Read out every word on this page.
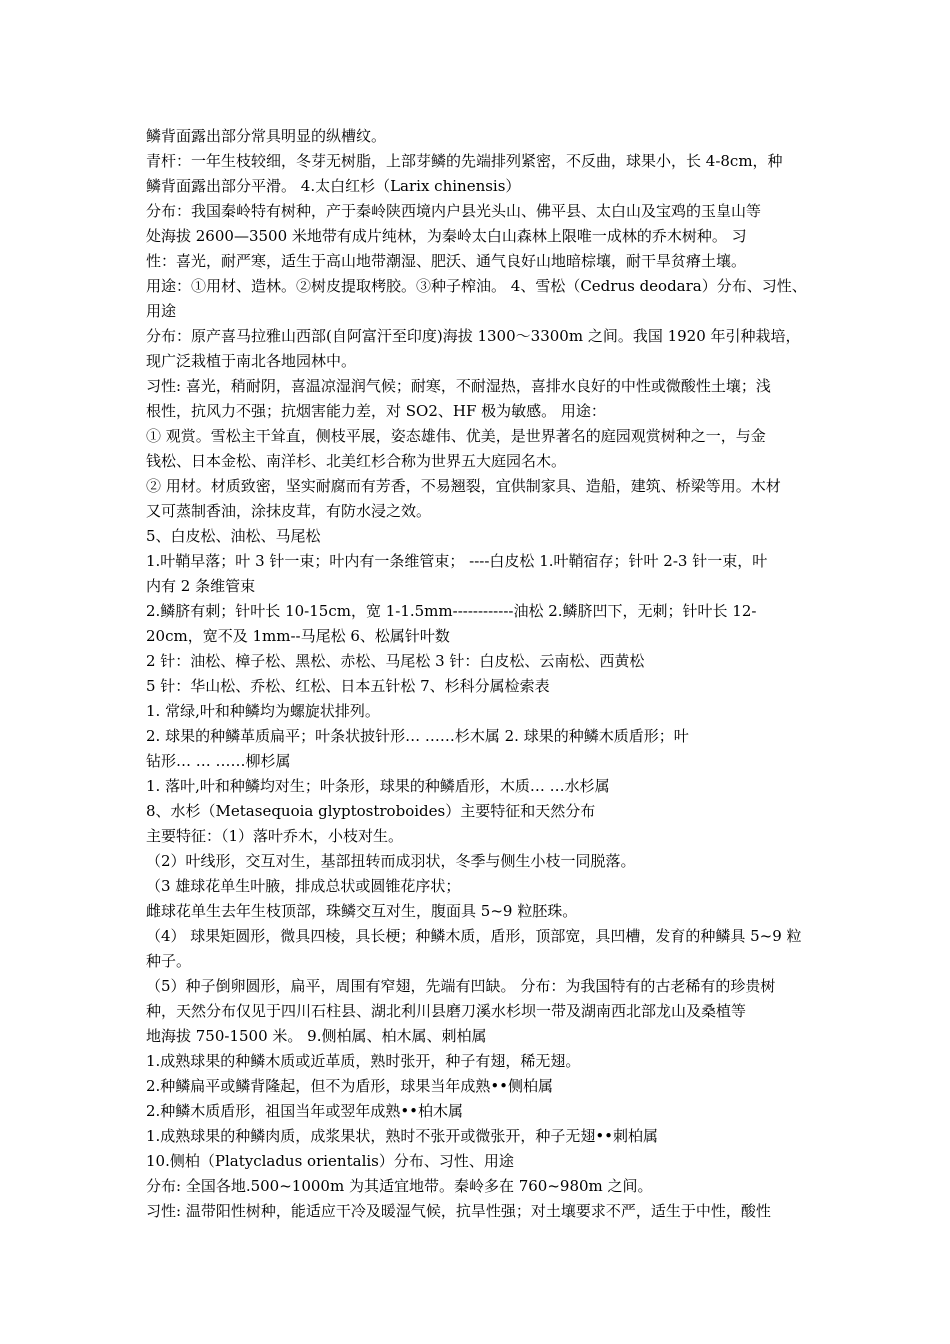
鳞背面露出部分常具明显的纵槽纹。
青杆：一年生枝较细，冬芽无树脂，上部芽鳞的先端排列紧密，不反曲，球果小，长 4-8cm，种
鳞背面露出部分平滑。 4.太白红杉（Larix chinensis）
分布：我国秦岭特有树种，产于秦岭陕西境内户县光头山、佛平县、太白山及宝鸡的玉皇山等
处海拔 2600—3500 米地带有成片纯林，为秦岭太白山森林上限唯一成林的乔木树种。 习
性：喜光，耐严寒，适生于高山地带潮湿、肥沃、通气良好山地暗棕壤，耐干旱贫瘠土壤。
用途：①用材、造林。②树皮提取栲胶。③种子榨油。 4、雪松（Cedrus deodara）分布、习性、
用途
分布：原产喜马拉雅山西部(自阿富汗至印度)海拔 1300～3300m 之间。我国 1920 年引种栽培，
现广泛栽植于南北各地园林中。
习性: 喜光，稍耐阴，喜温凉湿润气候；耐寒，不耐湿热，喜排水良好的中性或微酸性土壤；浅
根性，抗风力不强；抗烟害能力差，对 SO2、HF 极为敏感。 用途：
① 观赏。雪松主干耸直，侧枝平展，姿态雄伟、优美，是世界著名的庭园观赏树种之一，与金
钱松、日本金松、南洋杉、北美红杉合称为世界五大庭园名木。
② 用材。材质致密，坚实耐腐而有芳香，不易翘裂，宜供制家具、造船，建筑、桥梁等用。木材
又可蒸制香油，涂抹皮茸，有防水浸之效。
5、白皮松、油松、马尾松
1.叶鞘早落；叶 3 针一束；叶内有一条维管束； ----白皮松 1.叶鞘宿存；针叶 2-3 针一束，叶
内有 2 条维管束
2.鳞脐有刺；针叶长 10-15cm，宽 1-1.5mm------------油松 2.鳞脐凹下，无刺；针叶长 12-
20cm，宽不及 1mm--马尾松 6、松属针叶数
2 针：油松、樟子松、黑松、赤松、马尾松 3 针：白皮松、云南松、西黄松
5 针：华山松、乔松、红松、日本五针松 7、杉科分属检索表
1. 常绿,叶和种鳞均为螺旋状排列。
2. 球果的种鳞革质扁平；叶条状披针形… ……杉木属 2. 球果的种鳞木质盾形；叶
钻形… … ……柳杉属
1. 落叶,叶和种鳞均对生；叶条形，球果的种鳞盾形，木质… …水杉属
8、水杉（Metasequoia glyptostroboides）主要特征和天然分布
主要特征：（1）落叶乔木，小枝对生。
（2）叶线形，交互对生，基部扭转而成羽状，冬季与侧生小枝一同脱落。
（3 雄球花单生叶腋，排成总状或圆锥花序状；
雌球花单生去年生枝顶部，珠鳞交互对生，腹面具 5~9 粒胚珠。
（4） 球果矩圆形，微具四棱，具长梗；种鳞木质，盾形，顶部宽，具凹槽，发育的种鳞具 5~9 粒
种子。
（5）种子倒卵圆形，扁平，周围有窄翅，先端有凹缺。 分布：为我国特有的古老稀有的珍贵树
种，天然分布仅见于四川石柱县、湖北利川县磨刀溪水杉坝一带及湖南西北部龙山及桑植等
地海拔 750-1500 米。 9.侧柏属、柏木属、刺柏属
1.成熟球果的种鳞木质或近革质，熟时张开，种子有翅，稀无翅。
2.种鳞扁平或鳞背隆起，但不为盾形，球果当年成熟••侧柏属
2.种鳞木质盾形，祖国当年或翌年成熟••柏木属
1.成熟球果的种鳞肉质，成浆果状，熟时不张开或微张开，种子无翅••刺柏属
10.侧柏（Platycladus orientalis）分布、习性、用途
分布: 全国各地.500~1000m 为其适宜地带。秦岭多在 760~980m 之间。
习性: 温带阳性树种，能适应干冷及暖湿气候，抗旱性强；对土壤要求不严，适生于中性，酸性
